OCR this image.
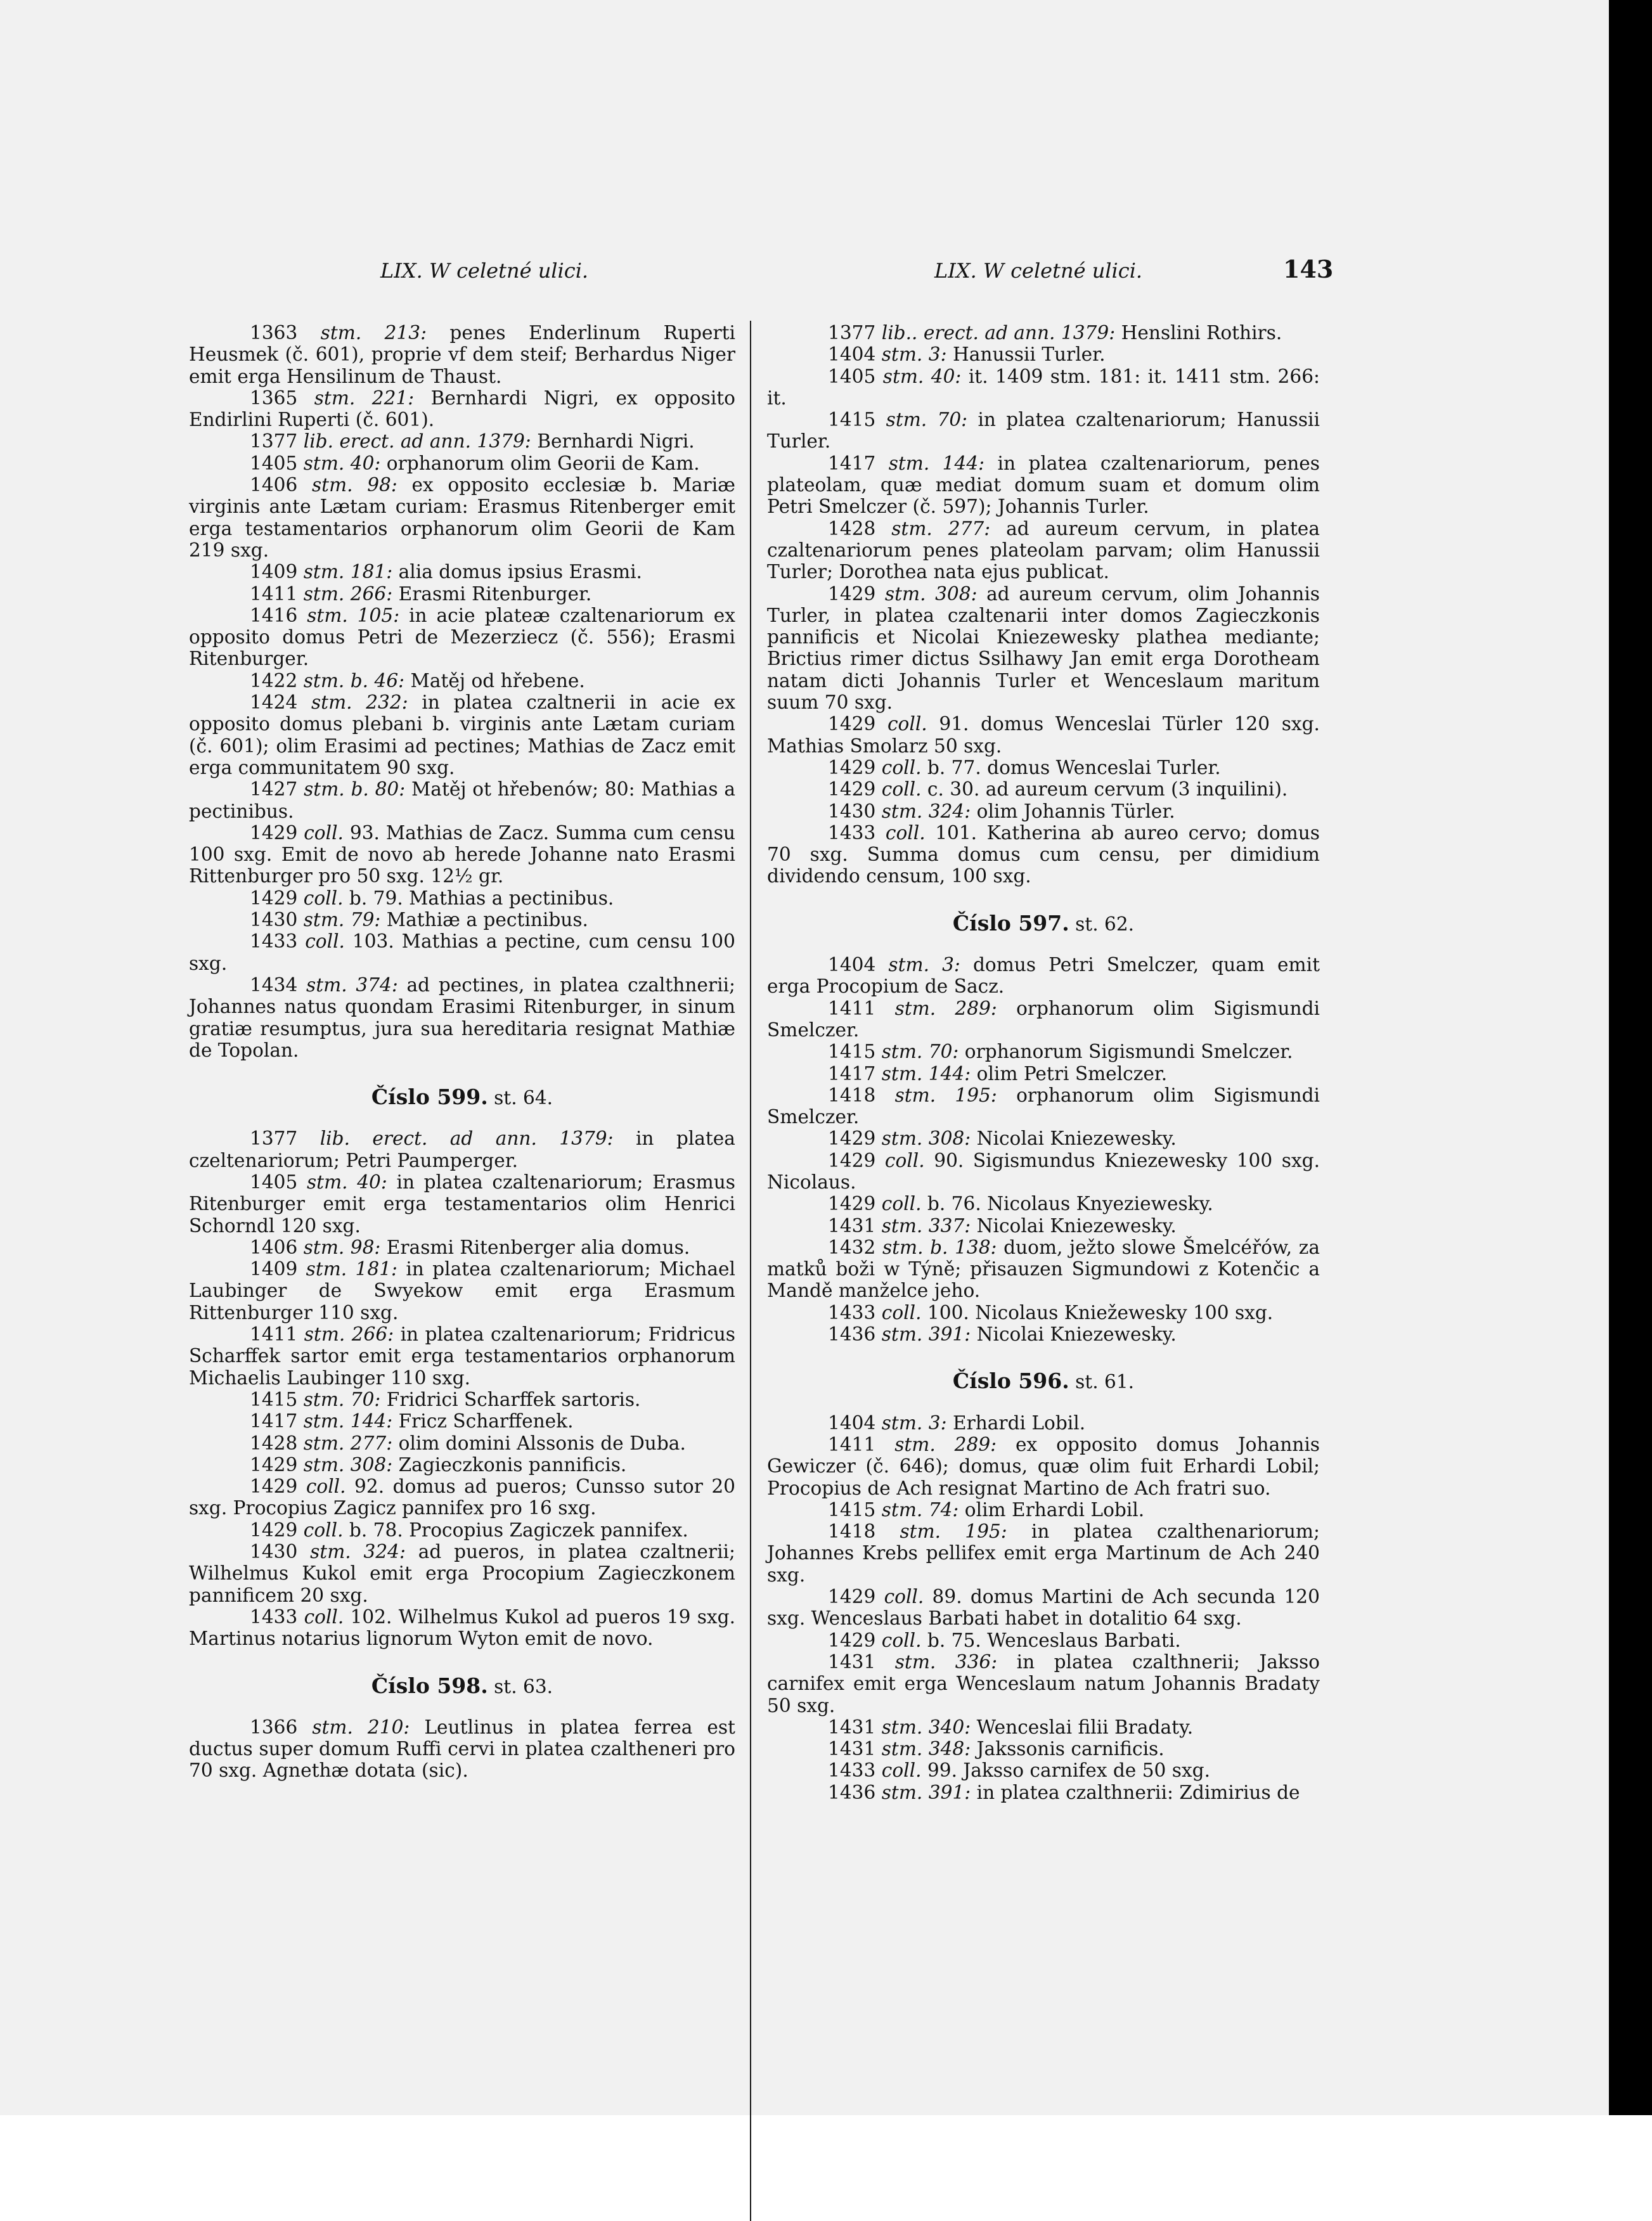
LIX. W celetné ulici.	LIX. W celetné ulici.	143

1363 stm. 213: penes Enderlinum Ruperti Heusmek (č. 601), proprie vf dem steif; Berhardus Niger emit erga Hensilinum de Thaust.

1365 stm. 221: Bernhardi Nigri, ex opposito Endirlini Ruperti (č. 601).

1377 lib. erect. ad ann. 1379: Bernhardi Nigri.

1405 stm. 40: orphanorum olim Georii de Kam.

1406 stm. 98: ex opposito ecclesiæ b. Mariæ virginis ante Lætam curiam: Erasmus Ritenberger emit erga testamentarios orphanorum olim Georii de Kam 219 sxg.

1409 stm. 181: alia domus ipsius Erasmi.

1411 stm. 266: Erasmi Ritenburger.

1416 stm. 105: in acie plateæ czaltenariorum ex opposito domus Petri de Mezerziecz (č. 556); Erasmi Ritenburger.

1422 stm. b. 46: Matěj od hřebene.

1424 stm. 232: in platea czaltnerii in acie ex opposito domus plebani b. virginis ante Lætam curiam (č. 601); olim Erasimi ad pectines; Mathias de Zacz emit erga communitatem 90 sxg.

1427 stm. b. 80: Matěj ot hřebenów; 80: Mathias a pectinibus.

1429 coll. 93. Mathias de Zacz. Summa cum censu 100 sxg. Emit de novo ab herede Johanne nato Erasmi Rittenburger pro 50 sxg. 12½ gr.

1429 coll. b. 79. Mathias a pectinibus.

1430 stm. 79: Mathiæ a pectinibus.

1433 coll. 103. Mathias a pectine, cum censu 100 sxg.

1434 stm. 374: ad pectines, in platea czalthnerii; Johannes natus quondam Erasimi Ritenburger, in sinum gratiæ resumptus, jura sua hereditaria resignat Mathiæ de Topolan.

Číslo 599. st. 64.

1377 lib. erect. ad ann. 1379: in platea czeltenariorum; Petri Paumperger.

1405 stm. 40: in platea czaltenariorum; Erasmus Ritenburger emit erga testamentarios olim Henrici Schorndl 120 sxg.

1406 stm. 98: Erasmi Ritenberger alia domus.

1409 stm. 181: in platea czaltenariorum; Michael Laubinger de Swyekow emit erga Erasmum Rittenburger 110 sxg.

1411 stm. 266: in platea czaltenariorum; Fridricus Scharffek sartor emit erga testamentarios orphanorum Michaelis Laubinger 110 sxg.

1415 stm. 70: Fridrici Scharffek sartoris.

1417 stm. 144: Fricz Scharffenek.

1428 stm. 277: olim domini Alssonis de Duba.

1429 stm. 308: Zagieczkonis pannificis.

1429 coll. 92. domus ad pueros; Cunsso sutor 20 sxg. Procopius Zagicz pannifex pro 16 sxg.

1429 coll. b. 78. Procopius Zagiczek pannifex.

1430 stm. 324: ad pueros, in platea czaltnerii; Wilhelmus Kukol emit erga Procopium Zagieczkonem pannificem 20 sxg.

1433 coll. 102. Wilhelmus Kukol ad pueros 19 sxg. Martinus notarius lignorum Wyton emit de novo.

Číslo 598. st. 63.

1366 stm. 210: Leutlinus in platea ferrea est ductus super domum Ruffi cervi in platea czaltheneri pro 70 sxg. Agnethæ dotata (sic).

1377 lib.. erect. ad ann. 1379: Henslini Rothirs.

1404 stm. 3: Hanussii Turler.

1405 stm. 40: it. 1409 stm. 181: it. 1411 stm. 266: it.

1415 stm. 70: in platea czaltenariorum; Hanussii Turler.

1417 stm. 144: in platea czaltenariorum, penes plateolam, quæ mediat domum suam et domum olim Petri Smelczer (č. 597); Johannis Turler.

1428 stm. 277: ad aureum cervum, in platea czaltenariorum penes plateolam parvam; olim Hanussii Turler; Dorothea nata ejus publicat.

1429 stm. 308: ad aureum cervum, olim Johannis Turler, in platea czaltenarii inter domos Zagieczkonis pannificis et Nicolai Kniezewesky plathea mediante; Brictius rimer dictus Ssilhawy Jan emit erga Dorotheam natam dicti Johannis Turler et Wenceslaum maritum suum 70 sxg.

1429 coll. 91. domus Wenceslai Türler 120 sxg. Mathias Smolarz 50 sxg.

1429 coll. b. 77. domus Wenceslai Turler.

1429 coll. c. 30. ad aureum cervum (3 inquilini).

1430 stm. 324: olim Johannis Türler.

1433 coll. 101. Katherina ab aureo cervo; domus 70 sxg. Summa domus cum censu, per dimidium dividendo censum, 100 sxg.

Číslo 597. st. 62.

1404 stm. 3: domus Petri Smelczer, quam emit erga Procopium de Sacz.

1411 stm. 289: orphanorum olim Sigismundi Smelczer.

1415 stm. 70: orphanorum Sigismundi Smelczer.

1417 stm. 144: olim Petri Smelczer.

1418 stm. 195: orphanorum olim Sigismundi Smelczer.

1429 stm. 308: Nicolai Kniezewesky.

1429 coll. 90. Sigismundus Kniezewesky 100 sxg. Nicolaus.

1429 coll. b. 76. Nicolaus Knyeziewesky.

1431 stm. 337: Nicolai Kniezewesky.

1432 stm. b. 138: duom, ježto slowe Šmelcéřów, za matků boži w Týně; přisauzen Sigmundowi z Kotenčic a Mandě manželce jeho.

1433 coll. 100. Nicolaus Kniežewesky 100 sxg.

1436 stm. 391: Nicolai Kniezewesky.

Číslo 596. st. 61.

1404 stm. 3: Erhardi Lobil.

1411 stm. 289: ex opposito domus Johannis Gewiczer (č. 646); domus, quæ olim fuit Erhardi Lobil; Procopius de Ach resignat Martino de Ach fratri suo.

1415 stm. 74: olim Erhardi Lobil.

1418 stm. 195: in platea czalthenariorum; Johannes Krebs pellifex emit erga Martinum de Ach 240 sxg.

1429 coll. 89. domus Martini de Ach secunda 120 sxg. Wenceslaus Barbati habet in dotalitio 64 sxg.

1429 coll. b. 75. Wenceslaus Barbati.

1431 stm. 336: in platea czalthnerii; Jaksso carnifex emit erga Wenceslaum natum Johannis Bradaty 50 sxg.

1431 stm. 340: Wenceslai filii Bradaty.

1431 stm. 348: Jakssonis carnificis.

1433 coll. 99. Jaksso carnifex de 50 sxg.

1436 stm. 391: in platea czalthnerii: Zdimirius de
